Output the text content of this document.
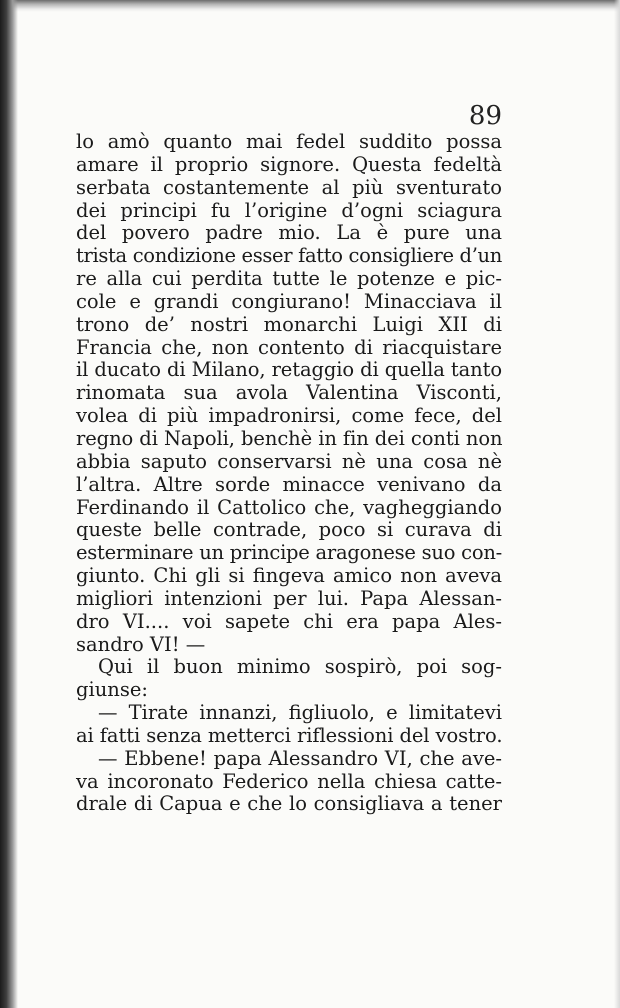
89
lo amò quanto mai fedel suddito possa
amare il proprio signore. Questa fedeltà
serbata costantemente al più sventurato
dei principi fu l’origine d’ogni sciagura
del povero padre mio. La è pure una
trista condizione esser fatto consigliere d’un
re alla cui perdita tutte le potenze e pic-
cole e grandi congiurano! Minacciava il
trono de’ nostri monarchi Luigi XII di
Francia che, non contento di riacquistare
il ducato di Milano, retaggio di quella tanto
rinomata sua avola Valentina Visconti,
volea di più impadronirsi, come fece, del
regno di Napoli, benchè in fin dei conti non
abbia saputo conservarsi nè una cosa nè
l’altra. Altre sorde minacce venivano da
Ferdinando il Cattolico che, vagheggiando
queste belle contrade, poco si curava di
esterminare un principe aragonese suo con-
giunto. Chi gli si fingeva amico non aveva
migliori intenzioni per lui. Papa Alessan-
dro VI.... voi sapete chi era papa Ales-
sandro VI! —
Qui il buon minimo sospirò, poi sog-
giunse:
— Tirate innanzi, figliuolo, e limitatevi
ai fatti senza metterci riflessioni del vostro.
— Ebbene! papa Alessandro VI, che ave-
va incoronato Federico nella chiesa catte-
drale di Capua e che lo consigliava a tener
